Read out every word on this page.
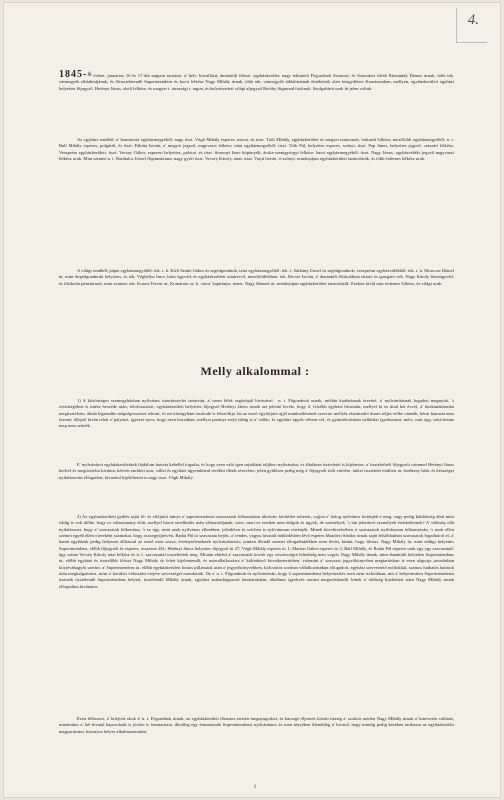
4.

1845-ik évben, januarius 16 és 17-dik napjain tartatott, a' helv. hitvallású, dunántúli főtiszt. egyházkerület, nagy tekintetű Főgondnok Szomori, és Somodori idősb Pázmándy Dienes úrnak, több tek. vármegyék táblabírájának, és főtiszteletendő Superintendens és kocsi lelkész Nagy Mihály úrnak, több tek. vármegyék táblabíráinak elnökletök alatt közgyűlései Komáromban, mellyen, egyházkerületi egyházi helyettes főjegyző, Hetényi János, ekeli lelkész, és magyar t. társasági r. tagon, és helyettesített világi aljegyző Beöthy Sigmond titoknok. Szolgabírói urak itt jelen voltak:

Az egyházi rendből: a' homáromi egyházmegyéből: nagy tiszt. Végh Mihály esperes, mocsi, és tiszt. Tóth Mihály, egyházkerületi és megyei tanácsnok, farkasdi lelkész; mezőföldi egyházmegyéből: n. t. Ball Mihály esperes, polgárdi, és tiszt. Fábián István, a' megyei jegyző, nagyvazsi lelkész; tatai egyházmegyéből: tiszt. Tóth Pál, helyettes esperes, szőnyi, tiszt. Pap János, helyettes jegyző, császári lelkész; Veszprém egyházkerületi: tiszt. Vecsey Gábor, esperesi helyettes, palotai, és tiszt. Simonyi Imre köpönyéli, ácska-szentgyörgyi lelkész; barsi egyházmegyéből: tiszt. Nagy János, egyházvidéki jegyző nagyvazsi lelkész urak. Mint szinten n. t. Barthalos József főgimnázium, nagy győri tiszt. Vecsey Károly, tatai; tiszt. Varjú István, ó-szőnyi; mindnyájan egyházkerületi tanácsbírák, és több érdemes lelkész urak.

A világi rendből; pápai egyházmegyéből: tek. t. b. Kiril Szabó Gábor úr segédgondnok; tatai egyházmegyéből: tek. t. Sárkány József úr segédgondnok; veszprémi egyházvidékből: tek. t. b. Morocza Dániel úr, mint Segédgondnoki helyettes, és tek. Végheliss Imre, hites ügyvéd, és egyházkerületi számvevő; mezőföldiekben: tek. Becser István, a' dunántúli főiskolában oktató és igazgató; tek. Nagy Károly hitesügyvéd, és főiskolai pénztárnok; mint szinten: tek. Kosair Ferenc úr, Komárom sz. k. város' kapitánya, nemz. Nagy Sámuel úr, mindnyájan egyházkerületi tanácsbírák. Ezeken kívül más érdemes lelkész, és világi urak.

Melly alkalommal :

1) A közönséges szentegyházban nyilvános istenitisztelet tartatván, a' szent lélek segítségül hívásával · n. t. Főgondnok urnak, méltán kiadatásnak érzettel, a' nyilvánításnak fogadott megnyitó, 's rövidségében is intése beszéde után, felolvastatott, egyházkerületi helyettes főjegyző Hetényi János úrnak azt jelentő levele, hogy ő, felsőbb egyházi hivatalár, mellyel ki ez úttal két évvel, a' közkundalomba megtisztelvén, általa legrendbe mégségösszeset tekinti, és ezt közegyházi tavalodé is felszólítja, hú az ezzel egyiittjáró ajjél munkaölésének szervire mellyik elszámoltó dunes teljes erőbe vánnák, kérni hatrasát nem érzené; tőlepöl kíván tehát e' palyázó, igyezet nyva, hogy ezen bucsúban, mellyei parányi erejű eddig is a' vallás, és egyházi ügyek véhem-vel, és gyümölcsöshan vallásilai igyekszanit, mért, csak úgy, sohá benne meg nem szúnék.

E' nyilvánított egyházkerületünk fájdalom hatotta kebellel fogadta, és hogy ezen való igen sajnálatát teljtheo nyilvánítsa, és általános tiszteletét is kijelentse, a' tiszteletbeli főjegyzői czímmel Hetényi János kedvel és megtisztelni kívánta; kérvén említett urat, vállai és egyházi ügyeinkhenl tevékbi illenk részvétre; jelen gyűlésen pedig még a' főjegyzői tollt vitelére, miket tisztelnér említett úr, érzékeny hála, és készséget nyilatkozván elfogadott, hivatalul kijelöltetett is nagy tiszt. Végh Mihály.

2) Az egyházkerületi gyűlés saját fő- és elöljárói irányt a' superintendensi szavazatok felbontására ültetvén, kérdésbe tettetett, vajjon e' dolog nyilvános történjék-e meg, vagy pedig küldöttség által mint eddig is volt ülőbe, hogy ez választmány elött, mellyel harcú emelkedés után választódjanak, szert, mert ez eredtén nem dolgok és ügyek, de személyek, 's tán jelenlevő személyek érdekeltetnek? A' többség ollá nyilatkozott, hogy a' szavazatok felbontása, 's ez ügy, mint azok nyílvános ellenében, jelenléten és szívben is nyilvánosan történjék. Minek következésében a' szavazatok nyilvánosan felbontatván, 's azok ellen szemei egyéb ellen csereként számokat, hogy összegyűjtetvén, Badai Pál úr szavazata bejött, a' rendes, vagyis hivatali működésben lévő esperes Matolesi Sándor úrnak saját felsőbbaiban szavazatok fogadtatott el, a' hanni egyházuk pedig helyesen állítassal az ezzel ezen szava, érvényteleneknek nyilvánittattott; szinten illendő szemet elfogadtattékben nem lévén, kitünt, hogy főtiszt. Nagy Mihály úr, mint eddigi helyettes Superintendens, előbb főjegyzői és esperes, összesen 261; Hetényi János helyettes főjegyző úr 27; Végh Mihály esperes úr 1; Marton Gábor esperes úr 3; Ball Mihály, és Badai Pál esperes urak egy egy szavazattal; úgy szinte Vecsey Károly tatai lelkész úr is 1. szavazattal tiszteltettek meg. Miután ekként a' szavazatok között egy vesztességre lehetőség nem vagyis Nagy Mihály úrnak, mint dunántúli helyettes Superintendens úr, előbb egyházi és tisztelőbb főtiszt Nagy Mihály úr felett kijelentendő, és másodlatkozásra a' különböző következtetésben, valamint a' szavazat jegyzőkönyvben megtartásban is ezen alapotja javaslatban közjóváhagyás szerint: a' Superintendens úr, előbb egyházkerületi fontos pillanatok után a' jegyzőkönyvekben, kölcsönös sorsban vállalkozásában elfogadott, egyházi szerveztető módokkal, számos hathatós hatások után meghalgattatva, mint a' kerületi választási erejére szívességet mondották. De a' n. t. Főgondnok úr nyilvánítván, hogy ő superintendensi helyettesítés ezen nem ischolában, mit a' helyettesített Superintendensi tisztnek tisztelendő Superintendens helyett, tisztelendő Mihály úrnak, egyházi szabadságszerű fenntartásban, általános igyekvés szerint megerősítendő, kinek a' többség kijelentett iránt Nagy Mihály úrnak elfogadása kívánatos.

Ezen felhozott, a' kifejtett okok a' n. t. Főgondnok úrnak, az egyházkerületi főtanács tettsén megnyugodott, és harsogó éljenzés között ittmeg a' szokott módon Nagy Mihály úrnak a' kinevezés vallását, mindenkor a' két hivatal kapcsolatát is jövőre is fenntartotta, illetőleg egy fennmaradó Superintendenst nyilvánítani, és ezen tényében illendőleg a' hivatal, hogy mindig pedig kezében tarthassa az egyházkerület magyarázatot, bizonyos helyre alkalmazottatást.

1
